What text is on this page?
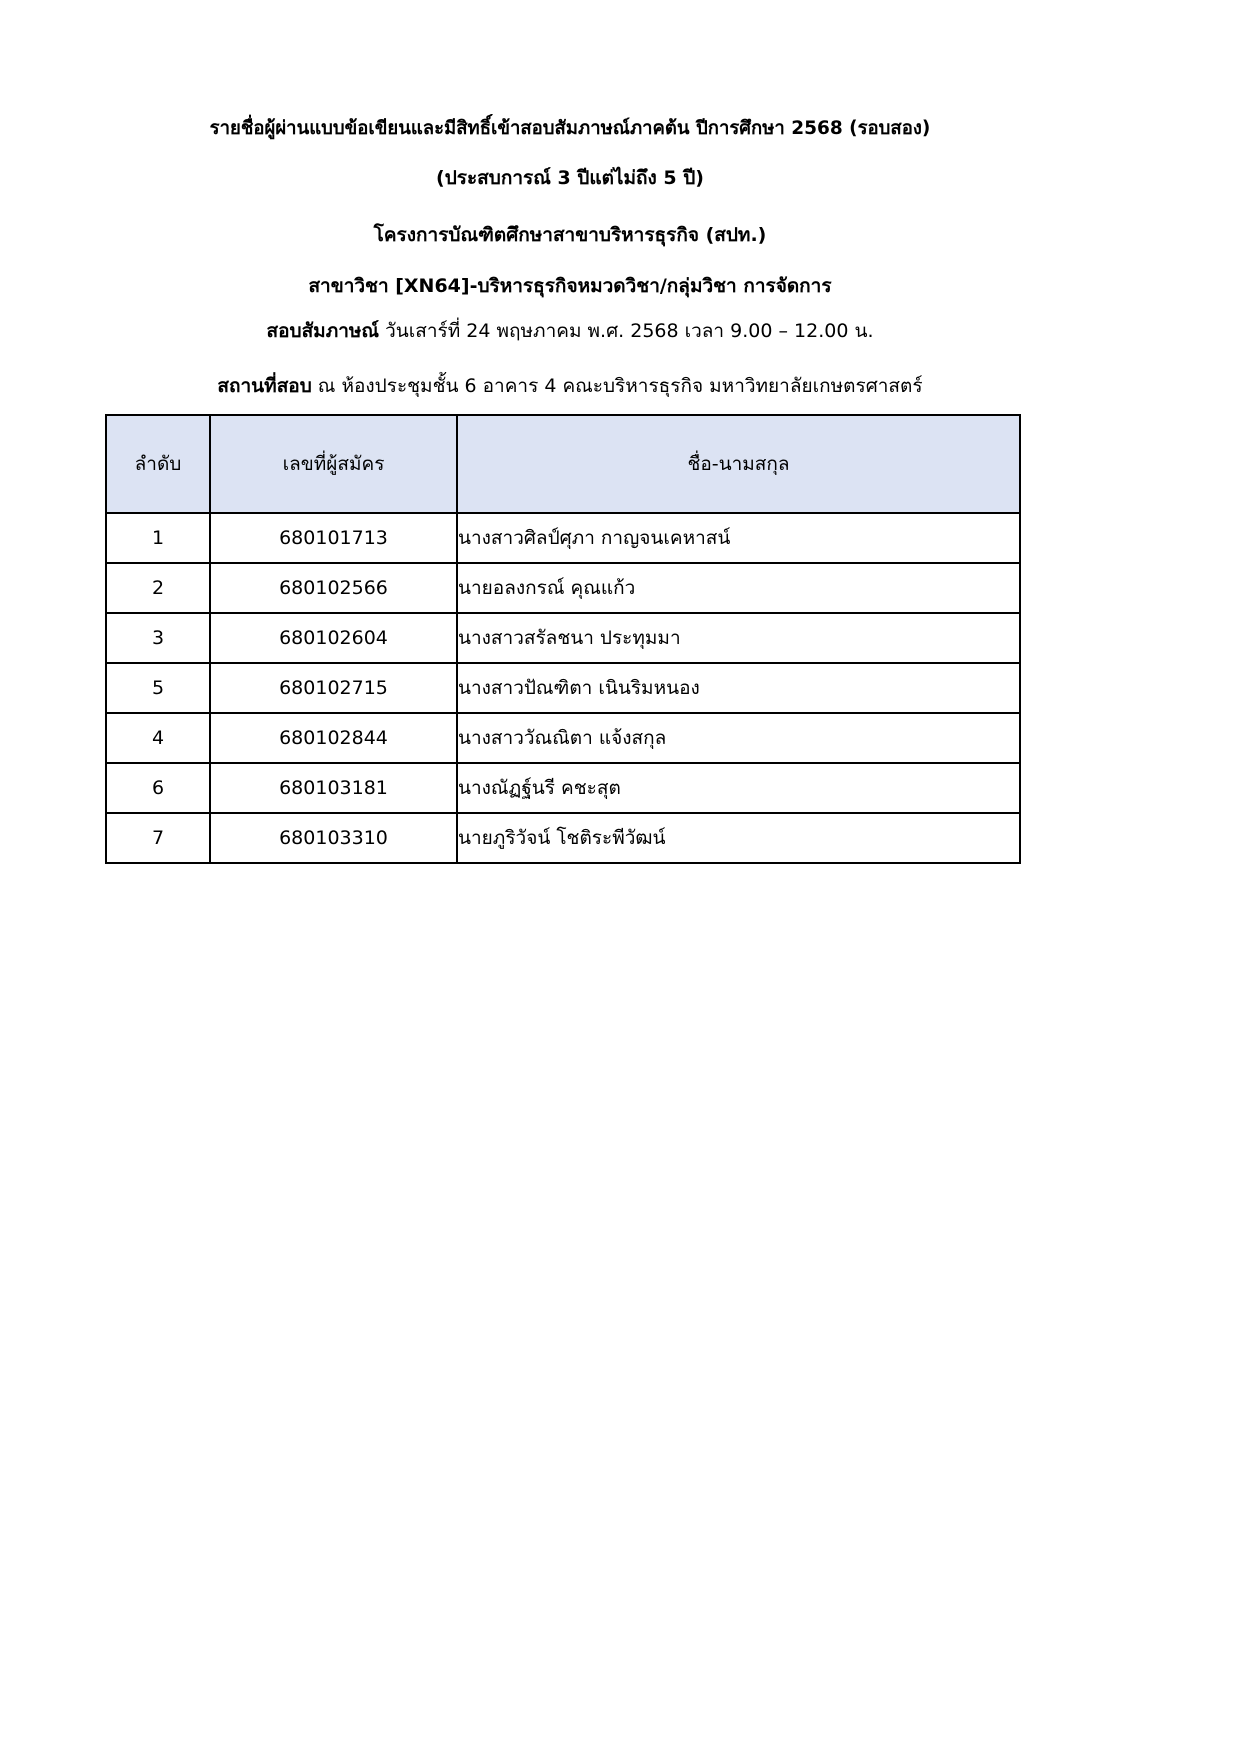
รายชื่อผู้ผ่านแบบข้อเขียนและมีสิทธิ์เข้าสอบสัมภาษณ์ภาคต้น ปีการศึกษา 2568 (รอบสอง)
(ประสบการณ์ 3 ปีแต่ไม่ถึง 5 ปี)
โครงการบัณฑิตศึกษาสาขาบริหารธุรกิจ (สปท.)
สาขาวิชา [XN64]-บริหารธุรกิจหมวดวิชา/กลุ่มวิชา การจัดการ
สอบสัมภาษณ์ วันเสาร์ที่ 24 พฤษภาคม พ.ศ. 2568 เวลา 9.00 – 12.00 น.
สถานที่สอบ ณ ห้องประชุมชั้น 6 อาคาร 4 คณะบริหารธุรกิจ มหาวิทยาลัยเกษตรศาสตร์
ลำดับ	เลขที่ผู้สมัคร	ชื่อ-นามสกุล
1	680101713	นางสาวศิลป์ศุภา กาญจนเคหาสน์
2	680102566	นายอลงกรณ์ คุณแก้ว
3	680102604	นางสาวสรัลชนา ประทุมมา
5	680102715	นางสาวปัณฑิตา เนินริมหนอง
4	680102844	นางสาววัณณิตา แจ้งสกุล
6	680103181	นางณัฏฐ์นรี คชะสุต
7	680103310	นายภูริวัจน์ โชติระพีวัฒน์
